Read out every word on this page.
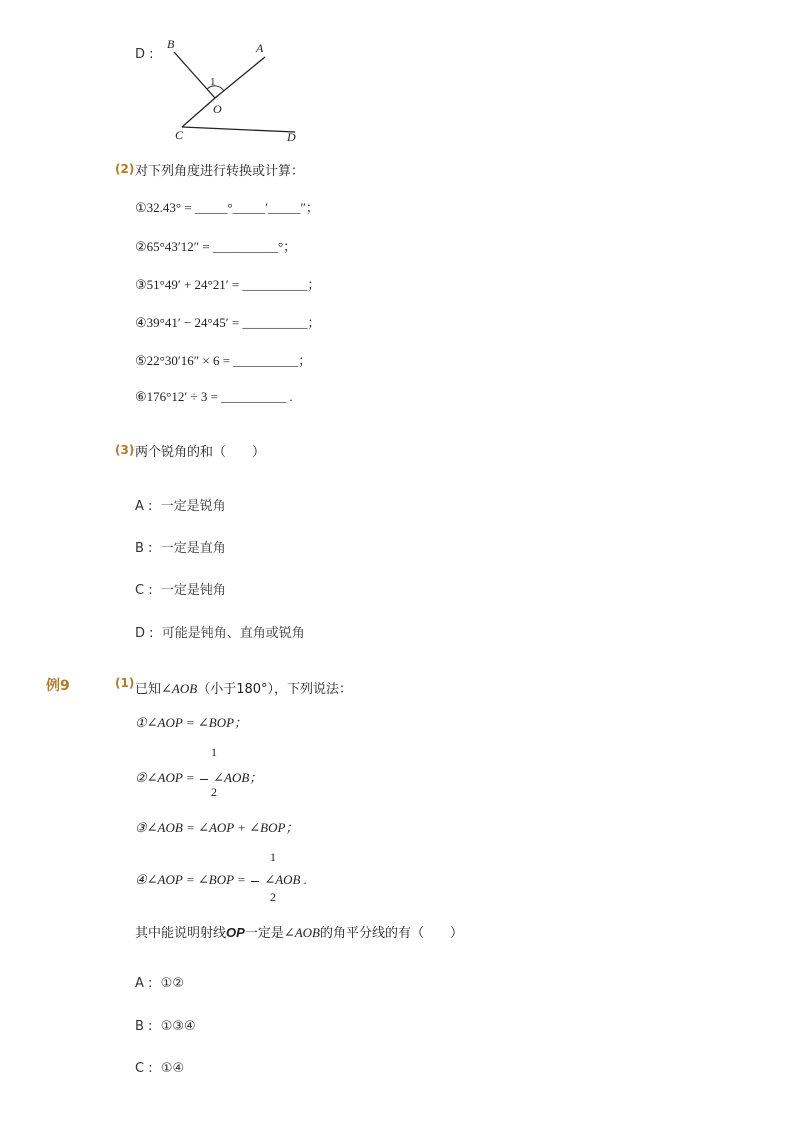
D :
B	A
1
O
C	D
(2) 对下列角度进行转换或计算：
①32.43° = _____°_____′_____″；
②65°43′12″ = __________°；
③51°49′ + 24°21′ = __________；
④39°41′ − 24°45′ = __________；
⑤22°30′16″ × 6 = __________；
⑥176°12′ ÷ 3 = __________ .
(3) 两个锐角的和（　　）
A : 一定是锐角
B : 一定是直角
C : 一定是钝角
D : 可能是钝角、直角或锐角
例9	(1) 已知∠AOB（小于180°），下列说法：
①∠AOP = ∠BOP；
1
②∠AOP = ∠AOB；
2
③∠AOB = ∠AOP + ∠BOP；
1
④∠AOP = ∠BOP = ∠AOB .
2
其中能说明射线OP一定是∠AOB的角平分线的有（　　）
A : ①②
B : ①③④
C : ①④
